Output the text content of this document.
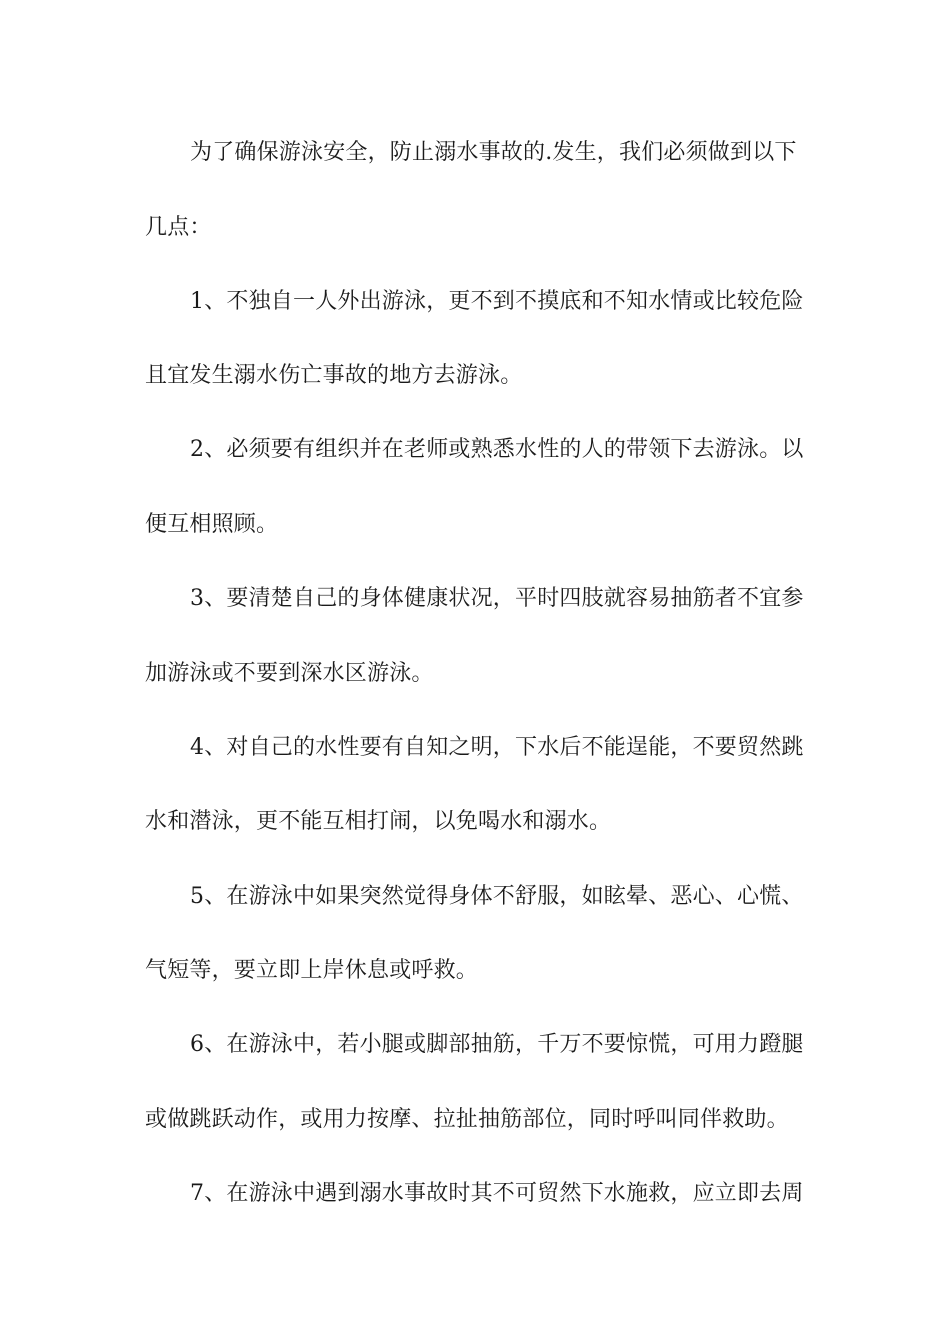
为了确保游泳安全，防止溺水事故的.发生，我们必须做到以下
几点：
1、不独自一人外出游泳，更不到不摸底和不知水情或比较危险
且宜发生溺水伤亡事故的地方去游泳。
2、必须要有组织并在老师或熟悉水性的人的带领下去游泳。以
便互相照顾。
3、要清楚自己的身体健康状况，平时四肢就容易抽筋者不宜参
加游泳或不要到深水区游泳。
4、对自己的水性要有自知之明，下水后不能逞能，不要贸然跳
水和潜泳，更不能互相打闹，以免喝水和溺水。
5、在游泳中如果突然觉得身体不舒服，如眩晕、恶心、心慌、
气短等，要立即上岸休息或呼救。
6、在游泳中，若小腿或脚部抽筋，千万不要惊慌，可用力蹬腿
或做跳跃动作，或用力按摩、拉扯抽筋部位，同时呼叫同伴救助。
7、在游泳中遇到溺水事故时其不可贸然下水施救，应立即去周
